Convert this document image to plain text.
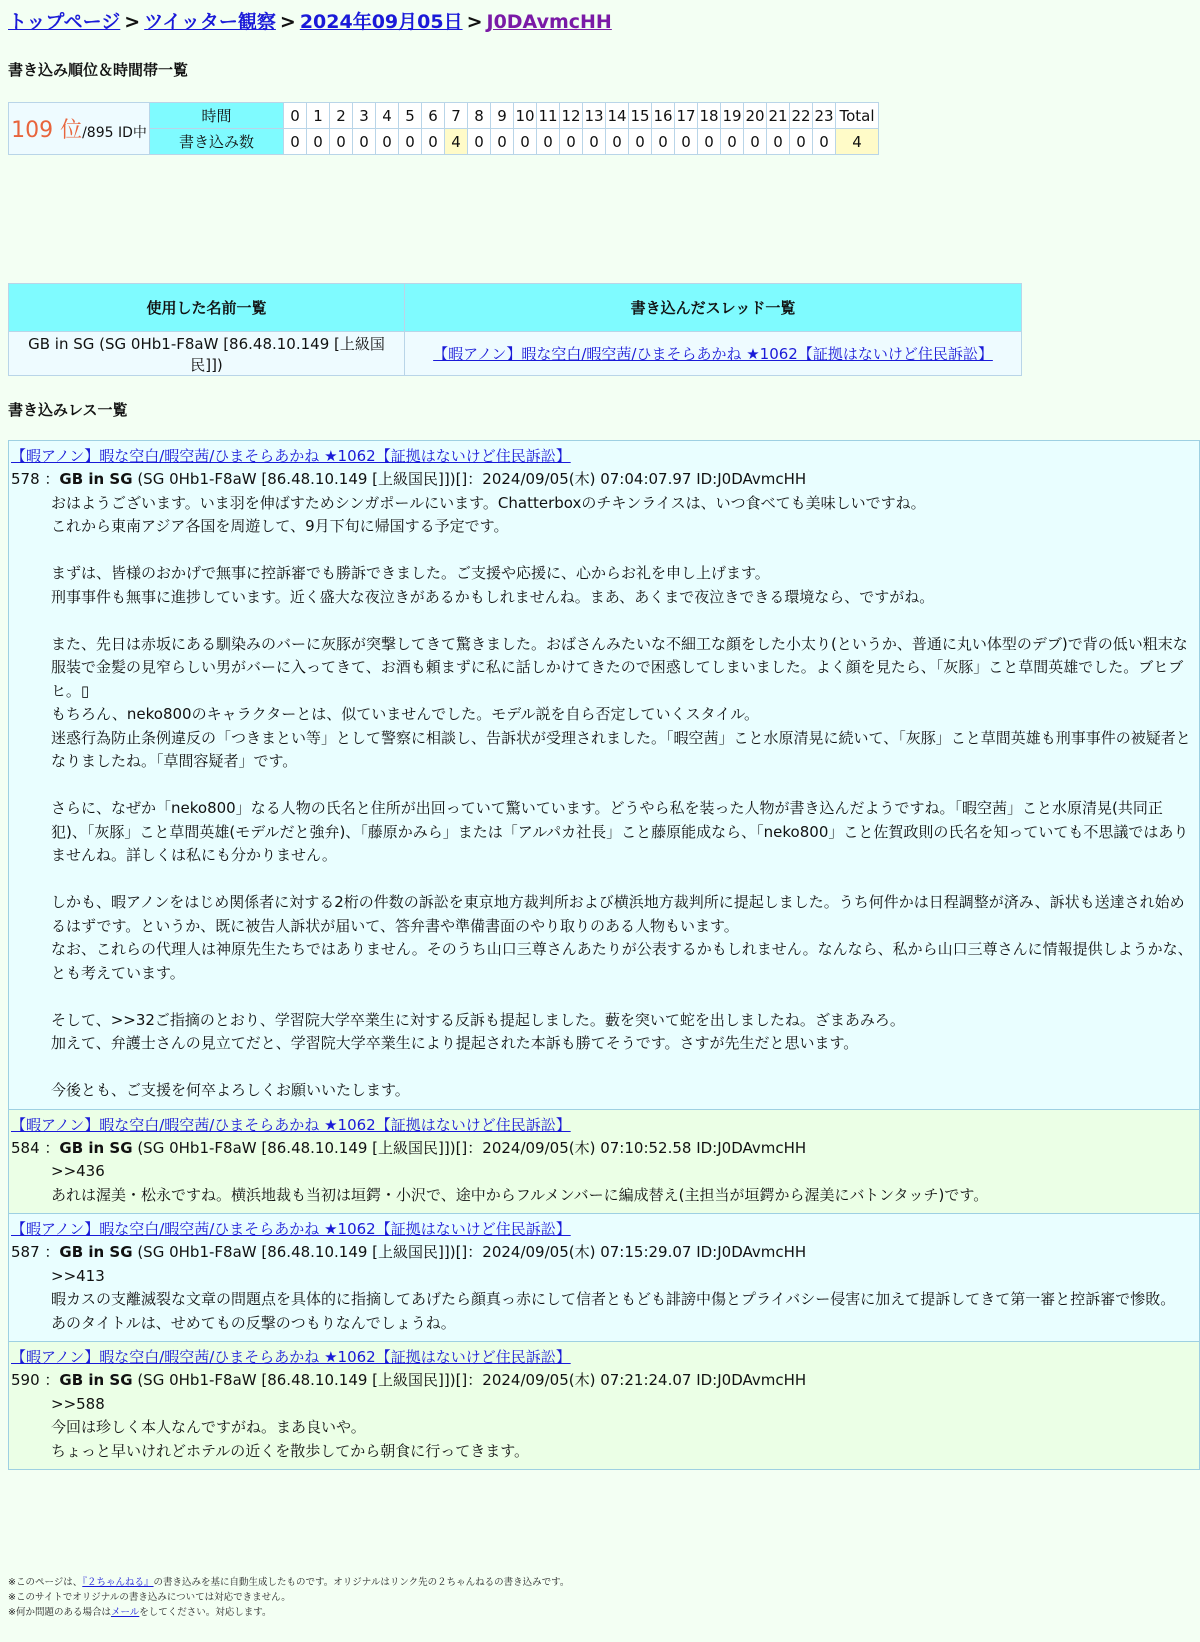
トップページ > ツイッター観察 > 2024年09月05日 > J0DAvmcHH
書き込み順位＆時間帯一覧
109 位/895 ID中	時間	0	1	2	3	4	5	6	7	8	9	10	11	12	13	14	15	16	17	18	19	20	21	22	23	Total
	書き込み数	0	0	0	0	0	0	0	4	0	0	0	0	0	0	0	0	0	0	0	0	0	0	0	0	4
使用した名前一覧	書き込んだスレッド一覧
GB in SG (SG 0Hb1-F8aW [86.48.10.149 [上級国民]])	【暇アノン】暇な空白/暇空茜/ひまそらあかね ★1062【証拠はないけど住民訴訟】
書き込みレス一覧
【暇アノン】暇な空白/暇空茜/ひまそらあかね ★1062【証拠はないけど住民訴訟】
578 ：GB in SG (SG 0Hb1-F8aW [86.48.10.149 [上級国民]])[]：2024/09/05(木) 07:04:07.97 ID:J0DAvmcHH

おはようございます。いま羽を伸ばすためシンガポールにいます。Chatterboxのチキンライスは、いつ食べても美味しいですね。

これから東南アジア各国を周遊して、9月下旬に帰国する予定です。

まずは、皆様のおかげで無事に控訴審でも勝訴できました。ご支援や応援に、心からお礼を申し上げます。

刑事事件も無事に進捗しています。近く盛大な夜泣きがあるかもしれませんね。まあ、あくまで夜泣きできる環境なら、ですがね。

また、先日は赤坂にある馴染みのバーに灰豚が突撃してきて驚きました。おばさんみたいな不細工な顔をした小太り(というか、普通に丸い体型のデブ)で背の低い粗末な服装で金髪の見窄らしい男がバーに入ってきて、お酒も頼まずに私に話しかけてきたので困惑してしまいました。よく顔を見たら、「灰豚」こと草間英雄でした。ブヒブヒ。▯

もちろん、neko800のキャラクターとは、似ていませんでした。モデル説を自ら否定していくスタイル。

迷惑行為防止条例違反の「つきまとい等」として警察に相談し、告訴状が受理されました。「暇空茜」こと水原清晃に続いて、「灰豚」こと草間英雄も刑事事件の被疑者となりましたね。「草間容疑者」です。

さらに、なぜか「neko800」なる人物の氏名と住所が出回っていて驚いています。どうやら私を装った人物が書き込んだようですね。「暇空茜」こと水原清晃(共同正犯)、「灰豚」こと草間英雄(モデルだと強弁)、「藤原かみら」または「アルパカ社長」こと藤原能成なら、「neko800」こと佐賀政則の氏名を知っていても不思議ではありませんね。詳しくは私にも分かりません。

しかも、暇アノンをはじめ関係者に対する2桁の件数の訴訟を東京地方裁判所および横浜地方裁判所に提起しました。うち何件かは日程調整が済み、訴状も送達され始めるはずです。というか、既に被告人訴状が届いて、答弁書や準備書面のやり取りのある人物もいます。

なお、これらの代理人は神原先生たちではありません。そのうち山口三尊さんあたりが公表するかもしれません。なんなら、私から山口三尊さんに情報提供しようかな、とも考えています。

そして、>>32ご指摘のとおり、学習院大学卒業生に対する反訴も提起しました。藪を突いて蛇を出しましたね。ざまあみろ。

加えて、弁護士さんの見立てだと、学習院大学卒業生により提起された本訴も勝てそうです。さすが先生だと思います。

今後とも、ご支援を何卒よろしくお願いいたします。

【暇アノン】暇な空白/暇空茜/ひまそらあかね ★1062【証拠はないけど住民訴訟】
584 ：GB in SG (SG 0Hb1-F8aW [86.48.10.149 [上級国民]])[]：2024/09/05(木) 07:10:52.58 ID:J0DAvmcHH

>>436

あれは渥美・松永ですね。横浜地裁も当初は垣鍔・小沢で、途中からフルメンバーに編成替え(主担当が垣鍔から渥美にバトンタッチ)です。

【暇アノン】暇な空白/暇空茜/ひまそらあかね ★1062【証拠はないけど住民訴訟】
587 ：GB in SG (SG 0Hb1-F8aW [86.48.10.149 [上級国民]])[]：2024/09/05(木) 07:15:29.07 ID:J0DAvmcHH

>>413

暇カスの支離滅裂な文章の問題点を具体的に指摘してあげたら顔真っ赤にして信者ともども誹謗中傷とプライバシー侵害に加えて提訴してきて第一審と控訴審で惨敗。

あのタイトルは、せめてもの反撃のつもりなんでしょうね。

【暇アノン】暇な空白/暇空茜/ひまそらあかね ★1062【証拠はないけど住民訴訟】
590 ：GB in SG (SG 0Hb1-F8aW [86.48.10.149 [上級国民]])[]：2024/09/05(木) 07:21:24.07 ID:J0DAvmcHH

>>588

今回は珍しく本人なんですがね。まあ良いや。

ちょっと早いけれどホテルの近くを散歩してから朝食に行ってきます。

※このページは、『２ちゃんねる』の書き込みを基に自動生成したものです。オリジナルはリンク先の２ちゃんねるの書き込みです。
※このサイトでオリジナルの書き込みについては対応できません。
※何か問題のある場合はメールをしてください。対応します。
